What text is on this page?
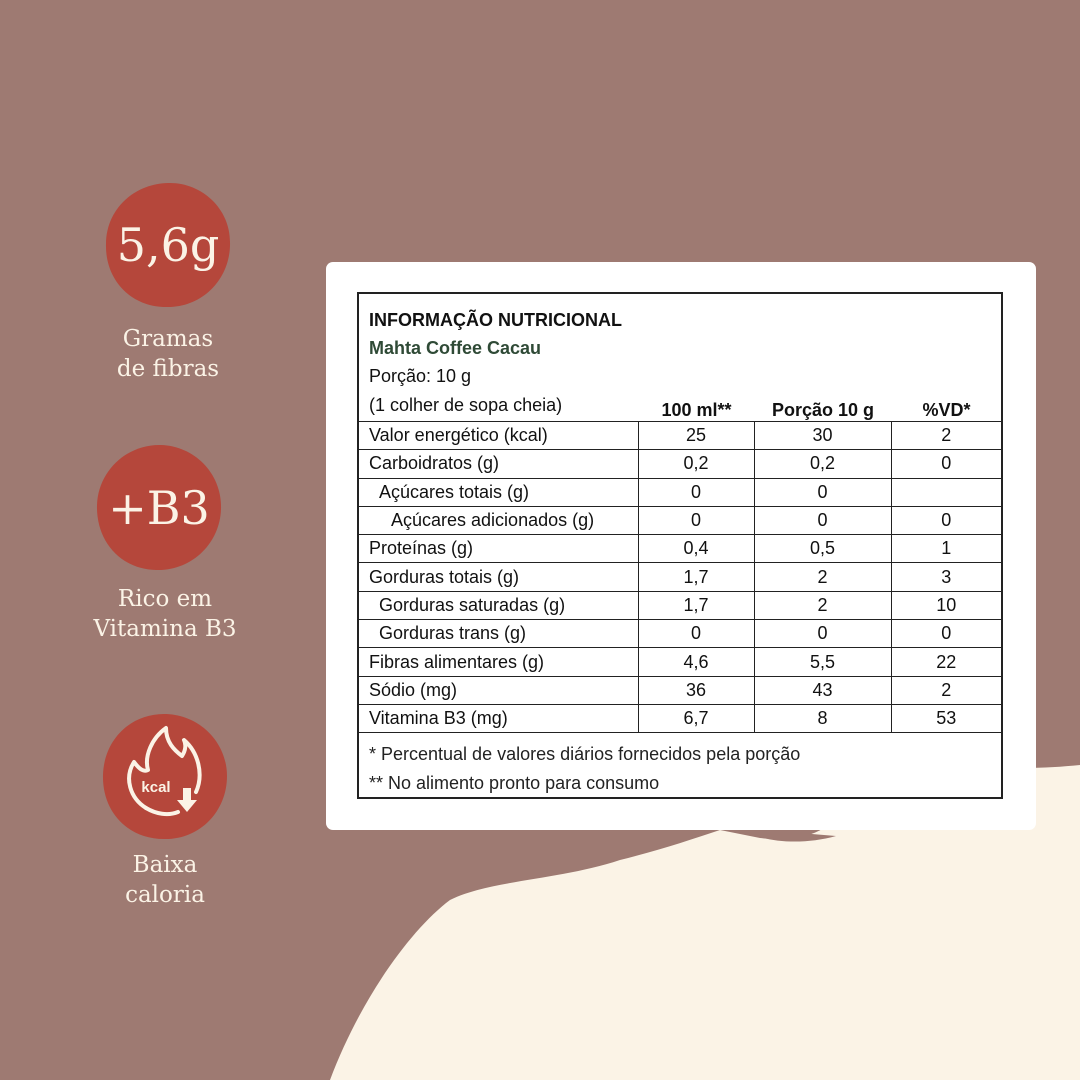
5,6g
Gramas
de fibras
+B3
Rico em
Vitamina B3
kcal
Baixa
caloria
INFORMAÇÃO NUTRICIONAL
Mahta Coffee Cacau
Porção: 10 g
(1 colher de sopa cheia)	100 ml**	Porção 10 g	%VD*
Valor energético (kcal)	25	30	2
Carboidratos (g)	0,2	0,2	0
Açúcares totais (g)	0	0	
Açúcares adicionados (g)	0	0	0
Proteínas (g)	0,4	0,5	1
Gorduras totais (g)	1,7	2	3
Gorduras saturadas (g)	1,7	2	10
Gorduras trans (g)	0	0	0
Fibras alimentares (g)	4,6	5,5	22
Sódio (mg)	36	43	2
Vitamina B3 (mg)	6,7	8	53
* Percentual de valores diários fornecidos pela porção
** No alimento pronto para consumo
